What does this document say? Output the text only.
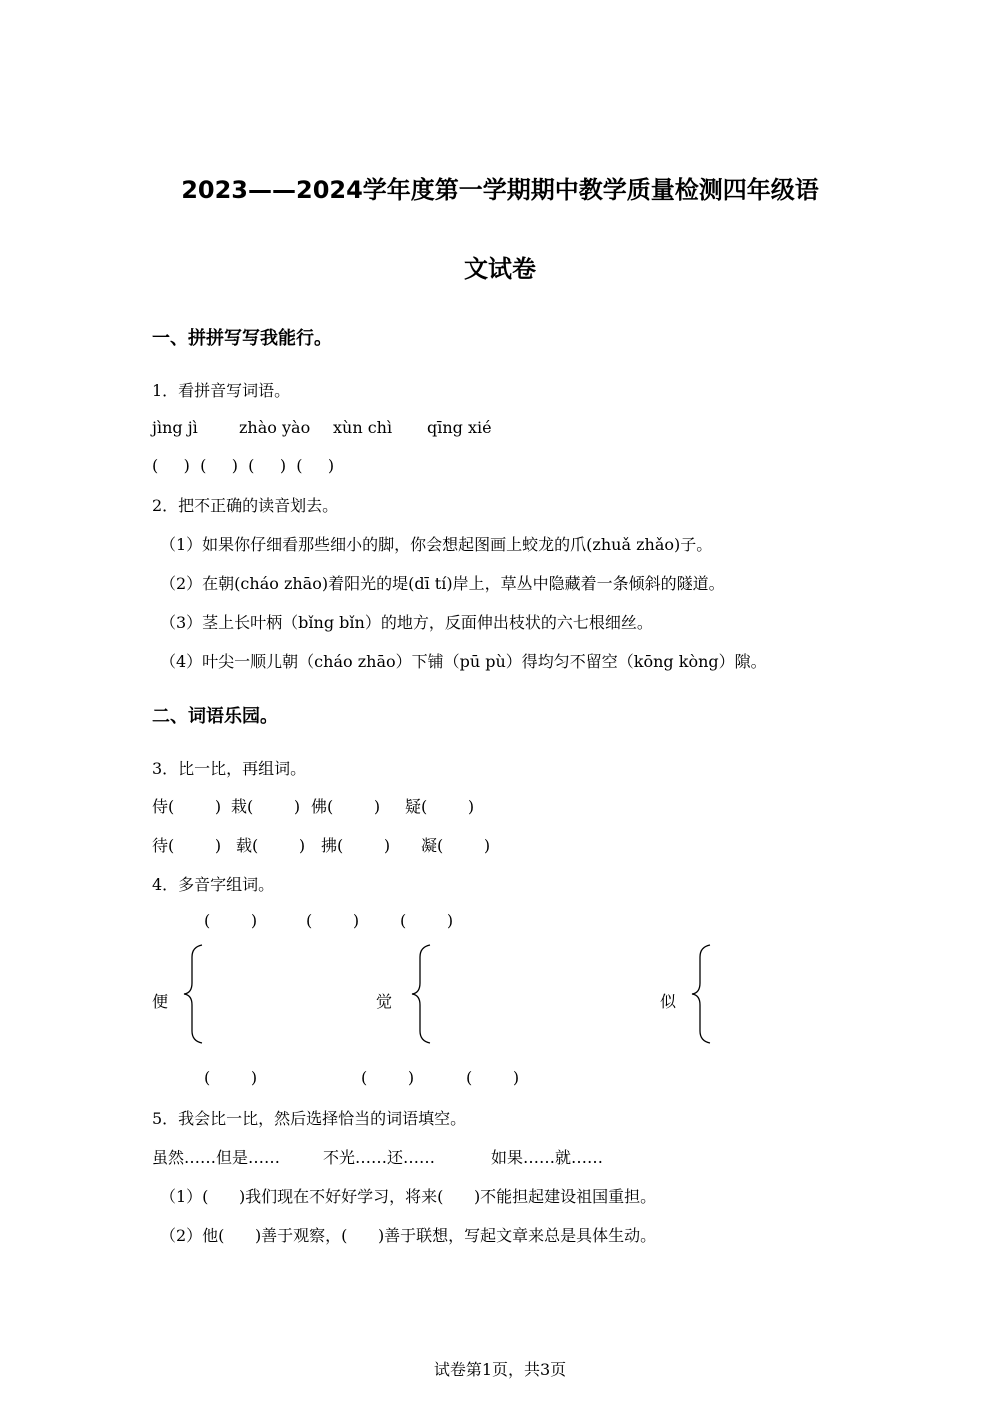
2023——2024学年度第一学期期中教学质量检测四年级语
文试卷
一、拼拼写写我能行。
1．看拼音写词语。
jìng jì	zhào yào xùn chì qīng xié
(     )  (     )  (     )  (     )
2．把不正确的读音划去。
（1）如果你仔细看那些细小的脚，你会想起图画上蛟龙的爪(zhuǎ zhǎo)子。
（2）在朝(cháo zhāo)着阳光的堤(dī tí)岸上，草丛中隐藏着一条倾斜的隧道。
（3）茎上长叶柄（bǐng bǐn）的地方，反面伸出枝状的六七根细丝。
（4）叶尖一顺儿朝（cháo zhāo）下铺（pū pù）得均匀不留空（kōng kòng）隙。
二、词语乐园。
3．比一比，再组词。
侍(        ) 栽(        ) 佛(        ) 疑(        )
待(        ) 载(        ) 拂(        ) 凝(        )
4．多音字组词。
(        )	(        )	(        )
便	觉	似
(        )	(        )	(        )
5．我会比一比，然后选择恰当的词语填空。
虽然……但是……	不光……还……	如果……就……
（1）(      )我们现在不好好学习，将来(      )不能担起建设祖国重担。
（2）他(      )善于观察，(      )善于联想，写起文章来总是具体生动。
试卷第1页，共3页
